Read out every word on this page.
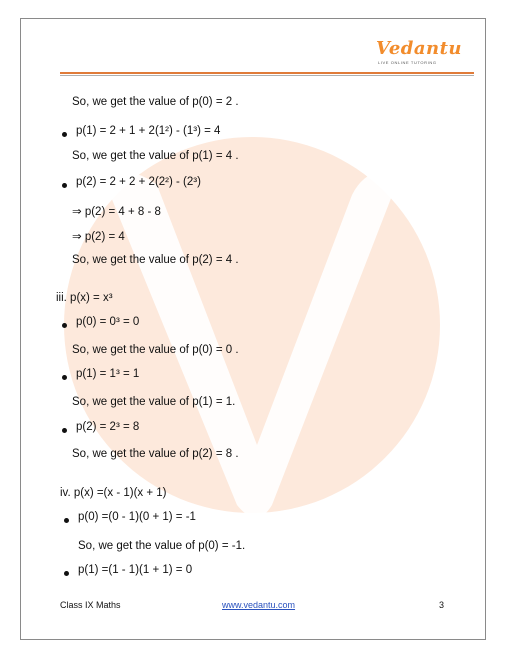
Vedantu
LIVE ONLINE TUTORING
So, we get the value of p(0) = 2 .
p(1) = 2 + 1 + 2(1²) - (1³) = 4
So, we get the value of p(1) = 4 .
p(2) = 2 + 2 + 2(2²) - (2³)
⇒ p(2) = 4 + 8 - 8
⇒ p(2) = 4
So, we get the value of p(2) = 4 .
iii. p(x) = x³
p(0) = 0³ = 0
So, we get the value of p(0) = 0 .
p(1) = 1³ = 1
So, we get the value of p(1) = 1.
p(2) = 2³ = 8
So, we get the value of p(2) = 8 .
iv. p(x) =(x - 1)(x + 1)
p(0) =(0 - 1)(0 + 1) = -1
So, we get the value of p(0) = -1.
p(1) =(1 - 1)(1 + 1) = 0
Class IX Maths	www.vedantu.com	3
